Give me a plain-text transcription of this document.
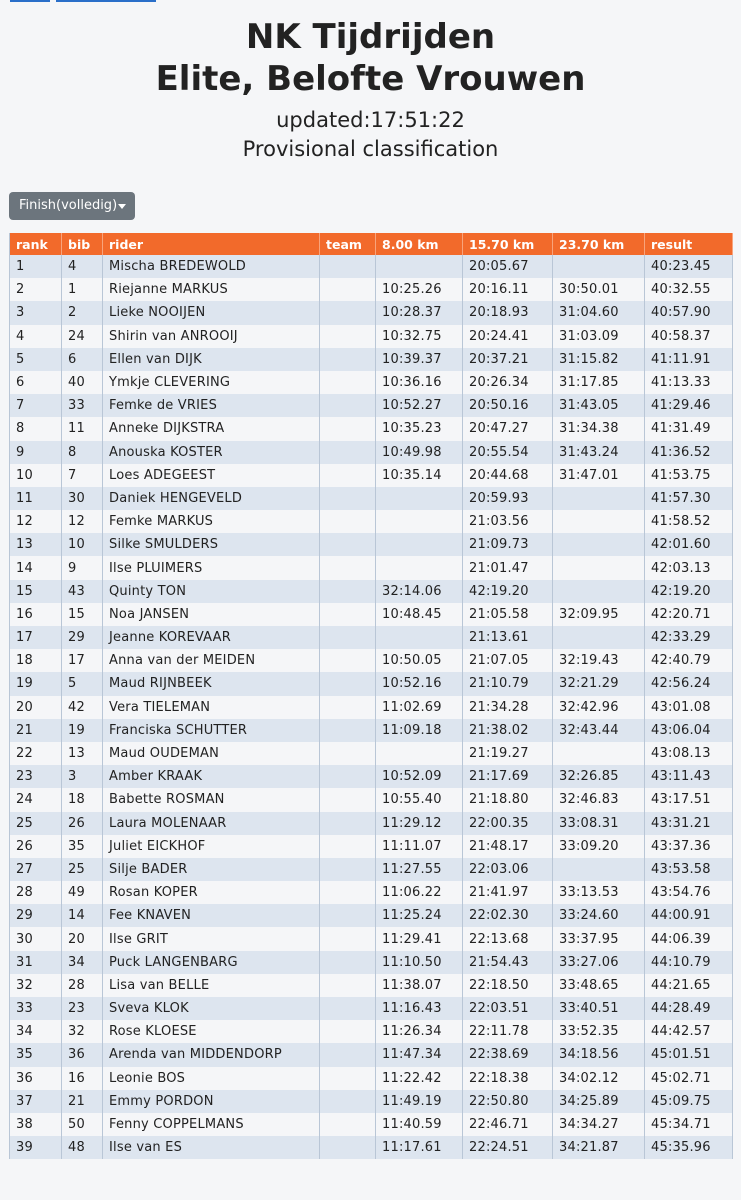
NK Tijdrijden
Elite, Belofte Vrouwen
updated:17:51:22
Provisional classification
Finish(volledig)
rank	bib	rider	team	8.00 km	15.70 km	23.70 km	result
1	4	Mischa BREDEWOLD			20:05.67		40:23.45
2	1	Riejanne MARKUS		10:25.26	20:16.11	30:50.01	40:32.55
3	2	Lieke NOOIJEN		10:28.37	20:18.93	31:04.60	40:57.90
4	24	Shirin van ANROOIJ		10:32.75	20:24.41	31:03.09	40:58.37
5	6	Ellen van DIJK		10:39.37	20:37.21	31:15.82	41:11.91
6	40	Ymkje CLEVERING		10:36.16	20:26.34	31:17.85	41:13.33
7	33	Femke de VRIES		10:52.27	20:50.16	31:43.05	41:29.46
8	11	Anneke DIJKSTRA		10:35.23	20:47.27	31:34.38	41:31.49
9	8	Anouska KOSTER		10:49.98	20:55.54	31:43.24	41:36.52
10	7	Loes ADEGEEST		10:35.14	20:44.68	31:47.01	41:53.75
11	30	Daniek HENGEVELD			20:59.93		41:57.30
12	12	Femke MARKUS			21:03.56		41:58.52
13	10	Silke SMULDERS			21:09.73		42:01.60
14	9	Ilse PLUIMERS			21:01.47		42:03.13
15	43	Quinty TON		32:14.06	42:19.20		42:19.20
16	15	Noa JANSEN		10:48.45	21:05.58	32:09.95	42:20.71
17	29	Jeanne KOREVAAR			21:13.61		42:33.29
18	17	Anna van der MEIDEN		10:50.05	21:07.05	32:19.43	42:40.79
19	5	Maud RIJNBEEK		10:52.16	21:10.79	32:21.29	42:56.24
20	42	Vera TIELEMAN		11:02.69	21:34.28	32:42.96	43:01.08
21	19	Franciska SCHUTTER		11:09.18	21:38.02	32:43.44	43:06.04
22	13	Maud OUDEMAN			21:19.27		43:08.13
23	3	Amber KRAAK		10:52.09	21:17.69	32:26.85	43:11.43
24	18	Babette ROSMAN		10:55.40	21:18.80	32:46.83	43:17.51
25	26	Laura MOLENAAR		11:29.12	22:00.35	33:08.31	43:31.21
26	35	Juliet EICKHOF		11:11.07	21:48.17	33:09.20	43:37.36
27	25	Silje BADER		11:27.55	22:03.06		43:53.58
28	49	Rosan KOPER		11:06.22	21:41.97	33:13.53	43:54.76
29	14	Fee KNAVEN		11:25.24	22:02.30	33:24.60	44:00.91
30	20	Ilse GRIT		11:29.41	22:13.68	33:37.95	44:06.39
31	34	Puck LANGENBARG		11:10.50	21:54.43	33:27.06	44:10.79
32	28	Lisa van BELLE		11:38.07	22:18.50	33:48.65	44:21.65
33	23	Sveva KLOK		11:16.43	22:03.51	33:40.51	44:28.49
34	32	Rose KLOESE		11:26.34	22:11.78	33:52.35	44:42.57
35	36	Arenda van MIDDENDORP		11:47.34	22:38.69	34:18.56	45:01.51
36	16	Leonie BOS		11:22.42	22:18.38	34:02.12	45:02.71
37	21	Emmy PORDON		11:49.19	22:50.80	34:25.89	45:09.75
38	50	Fenny COPPELMANS		11:40.59	22:46.71	34:34.27	45:34.71
39	48	Ilse van ES		11:17.61	22:24.51	34:21.87	45:35.96
